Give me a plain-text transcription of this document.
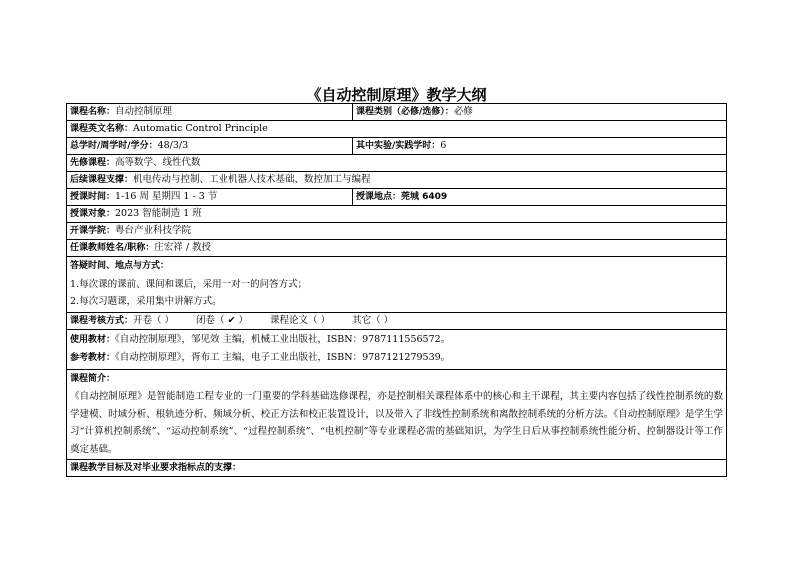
《自动控制原理》教学大纲
课程名称：自动控制原理	课程类别（必修/选修）：必修
课程英文名称：Automatic Control Principle	
总学时/周学时/学分：48/3/3	其中实验/实践学时：6
先修课程：高等数学、线性代数	
后续课程支撑：机电传动与控制、工业机器人技术基础、数控加工与编程	
授课时间：1-16 周 星期四 1 - 3 节	授课地点：莞城 6409
授课对象：2023 智能制造 1 班	
开课学院：粤台产业科技学院	
任课教师姓名/职称：庄宏祥 / 教授	

答疑时间、地点与方式：
1.每次课的课前、课间和课后，采用一对一的问答方式；
2.每次习题课，采用集中讲解方式。	

课程考核方式：开卷（ ） 闭卷（ ✔ ） 课程论文（ ） 其它（ ）	

使用教材：《自动控制原理》，邹见效 主编，机械工业出版社，ISBN：9787111556572。
参考教材：《自动控制原理》，胥布工 主编，电子工业出版社，ISBN：9787121279539。	

课程简介：
《自动控制原理》是智能制造工程专业的一门重要的学科基础选修课程，亦是控制相关课程体系中的核心和主干课程，其主要内容包括了线性控制系统的数学建模、时域分析、根轨迹分析、频域分析、校正方法和校正装置设计，以及带入了非线性控制系统和离散控制系统的分析方法。《自动控制原理》是学生学习“计算机控制系统”、“运动控制系统”、“过程控制系统”、“电机控制”等专业课程必需的基础知识，为学生日后从事控制系统性能分析、控制器设计等工作奠定基础。	

课程教学目标及对毕业要求指标点的支撑：	
